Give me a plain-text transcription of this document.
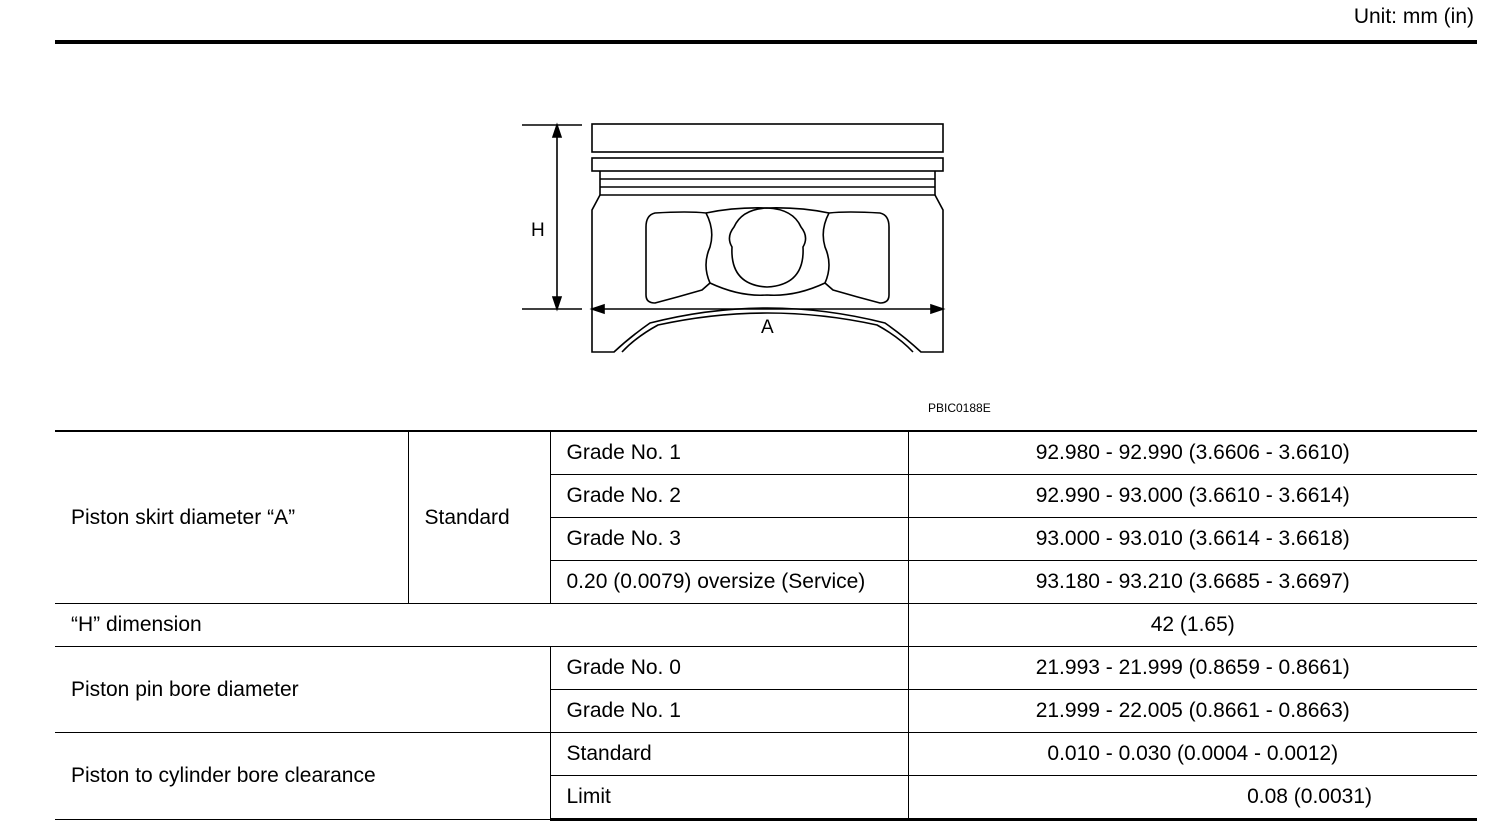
Unit: mm (in)
H
A
PBIC0188E
Piston skirt diameter “A”	Standard	Grade No. 1	92.980 - 92.990 (3.6606 - 3.6610)
		Grade No. 2	92.990 - 93.000 (3.6610 - 3.6614)
		Grade No. 3	93.000 - 93.010 (3.6614 - 3.6618)
		0.20 (0.0079) oversize (Service)	93.180 - 93.210 (3.6685 - 3.6697)
“H” dimension			42 (1.65)
Piston pin bore diameter		Grade No. 0	21.993 - 21.999 (0.8659 - 0.8661)
		Grade No. 1	21.999 - 22.005 (0.8661 - 0.8663)
Piston to cylinder bore clearance		Standard	0.010 - 0.030 (0.0004 - 0.0012)
		Limit	0.08 (0.0031)
